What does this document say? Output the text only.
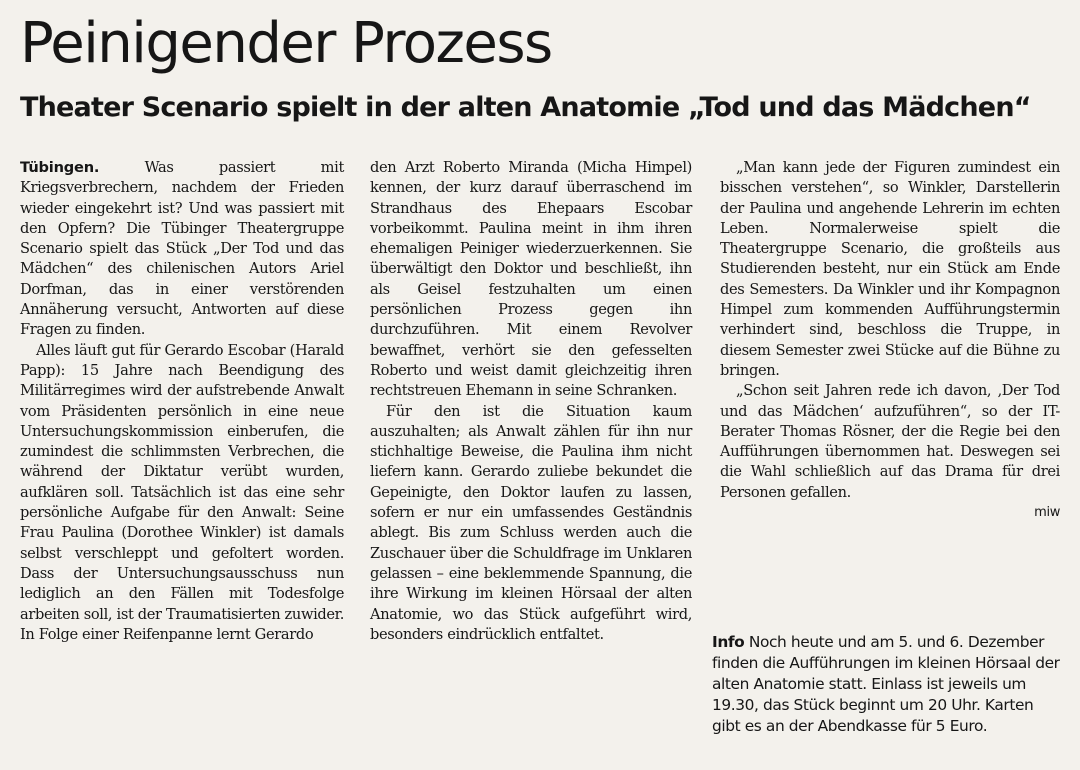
Peinigender Prozess
Theater Scenario spielt in der alten Anatomie „Tod und das Mädchen“

Tübingen. Was passiert mit Kriegsverbrechern, nachdem der Frieden wieder eingekehrt ist? Und was passiert mit den Opfern? Die Tübinger Theatergruppe Scenario spielt das Stück „Der Tod und das Mädchen“ des chilenischen Autors Ariel Dorfman, das in einer verstörenden Annäherung versucht, Antworten auf diese Fragen zu finden.

Alles läuft gut für Gerardo Escobar (Harald Papp): 15 Jahre nach Beendigung des Militärregimes wird der aufstrebende Anwalt vom Präsidenten persönlich in eine neue Untersuchungskommission einberufen, die zumindest die schlimmsten Verbrechen, die während der Diktatur verübt wurden, aufklären soll. Tatsächlich ist das eine sehr persönliche Aufgabe für den Anwalt: Seine Frau Paulina (Dorothee Winkler) ist damals selbst verschleppt und gefoltert worden. Dass der Untersuchungsausschuss nun lediglich an den Fällen mit Todesfolge arbeiten soll, ist der Traumatisierten zuwider. In Folge einer Reifenpanne lernt Gerardo

den Arzt Roberto Miranda (Micha Himpel) kennen, der kurz darauf überraschend im Strandhaus des Ehepaars Escobar vorbeikommt. Paulina meint in ihm ihren ehemaligen Peiniger wiederzuerkennen. Sie überwältigt den Doktor und beschließt, ihn als Geisel festzuhalten um einen persönlichen Prozess gegen ihn durchzuführen. Mit einem Revolver bewaffnet, verhört sie den gefesselten Roberto und weist damit gleichzeitig ihren rechtstreuen Ehemann in seine Schranken.

Für den ist die Situation kaum auszuhalten; als Anwalt zählen für ihn nur stichhaltige Beweise, die Paulina ihm nicht liefern kann. Gerardo zuliebe bekundet die Gepeinigte, den Doktor laufen zu lassen, sofern er nur ein umfassendes Geständnis ablegt. Bis zum Schluss werden auch die Zuschauer über die Schuldfrage im Unklaren gelassen – eine beklemmende Spannung, die ihre Wirkung im kleinen Hörsaal der alten Anatomie, wo das Stück aufgeführt wird, besonders eindrücklich entfaltet.

„Man kann jede der Figuren zumindest ein bisschen verstehen“, so Winkler, Darstellerin der Paulina und angehende Lehrerin im echten Leben. Normalerweise spielt die Theatergruppe Scenario, die großteils aus Studierenden besteht, nur ein Stück am Ende des Semesters. Da Winkler und ihr Kompagnon Himpel zum kommenden Aufführungstermin verhindert sind, beschloss die Truppe, in diesem Semester zwei Stücke auf die Bühne zu bringen.

„Schon seit Jahren rede ich davon, ‚Der Tod und das Mädchen‘ aufzuführen“, so der IT-Berater Thomas Rösner, der die Regie bei den Aufführungen übernommen hat. Deswegen sei die Wahl schließlich auf das Drama für drei Personen gefallen.

miw

Info Noch heute und am 5. und 6. Dezember finden die Aufführungen im kleinen Hörsaal der alten Anatomie statt. Einlass ist jeweils um 19.30, das Stück beginnt um 20 Uhr. Karten gibt es an der Abendkasse für 5 Euro.
